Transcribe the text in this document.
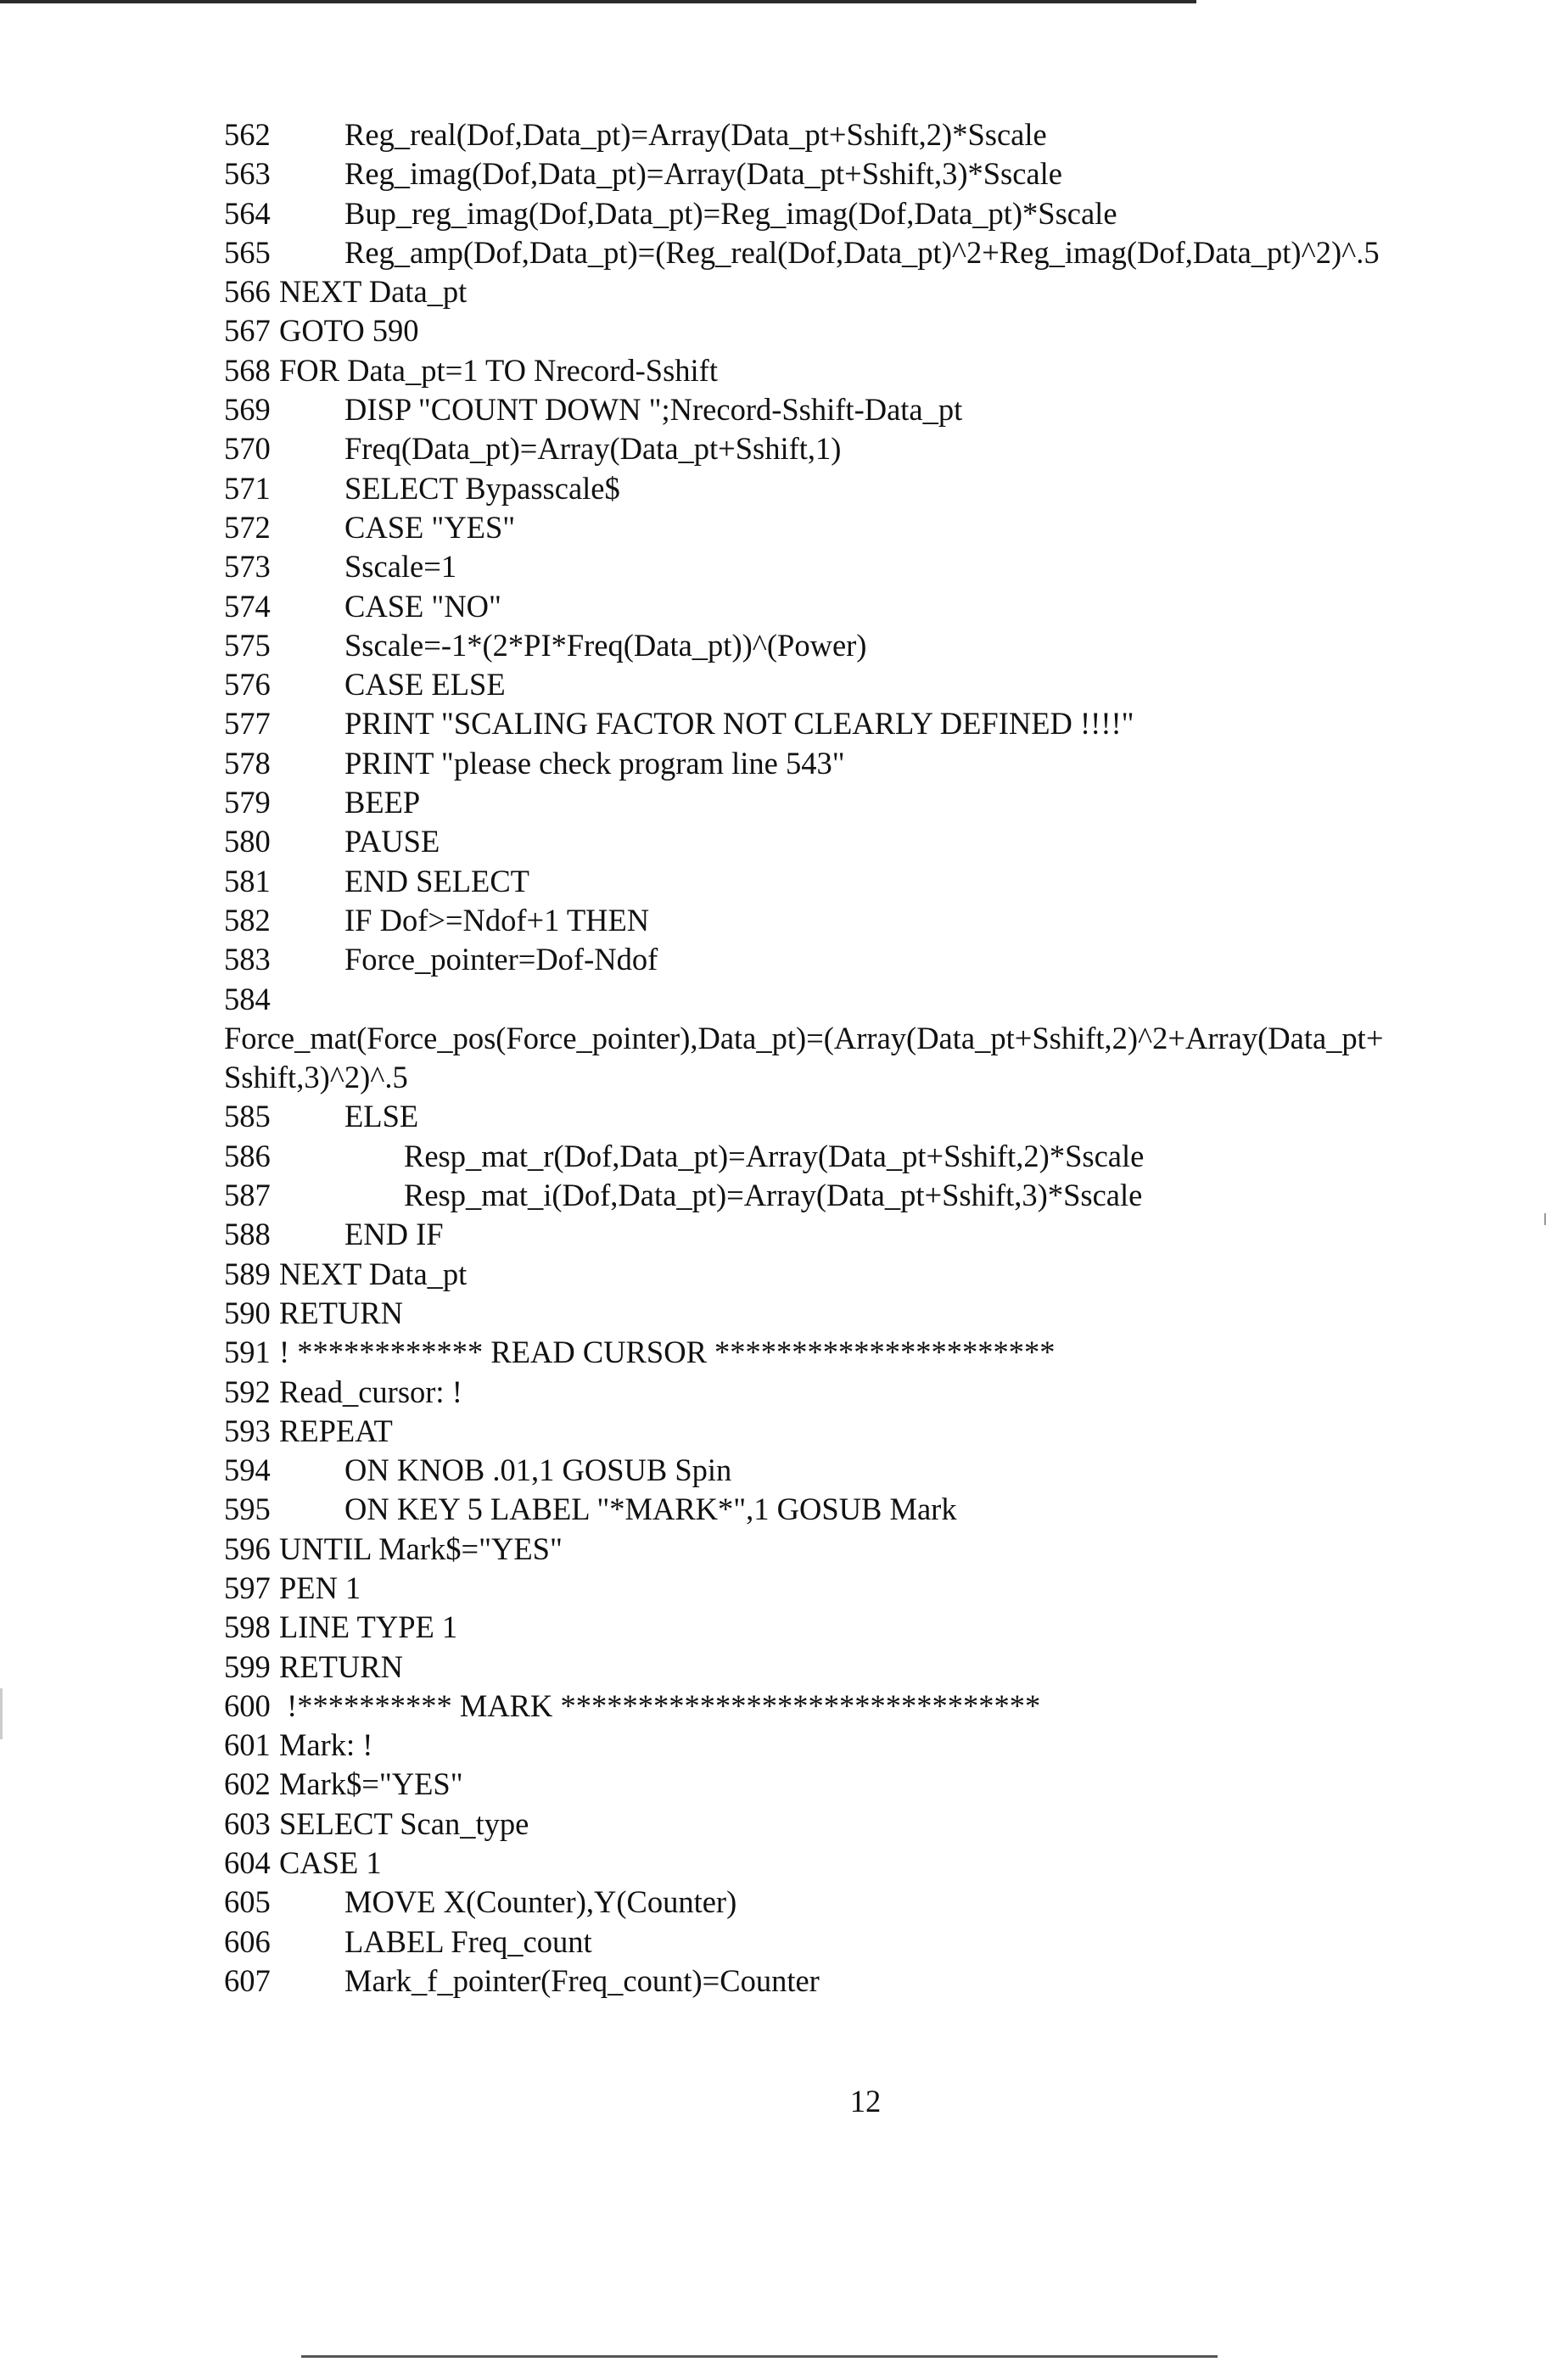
562 Reg_real(Dof,Data_pt)=Array(Data_pt+Sshift,2)*Sscale
563 Reg_imag(Dof,Data_pt)=Array(Data_pt+Sshift,3)*Sscale
564 Bup_reg_imag(Dof,Data_pt)=Reg_imag(Dof,Data_pt)*Sscale
565 Reg_amp(Dof,Data_pt)=(Reg_real(Dof,Data_pt)^2+Reg_imag(Dof,Data_pt)^2)^.5
566 NEXT Data_pt
567 GOTO 590
568 FOR Data_pt=1 TO Nrecord-Sshift
569 DISP "COUNT DOWN ";Nrecord-Sshift-Data_pt
570 Freq(Data_pt)=Array(Data_pt+Sshift,1)
571 SELECT Bypasscale$
572 CASE "YES"
573 Sscale=1
574 CASE "NO"
575 Sscale=-1*(2*PI*Freq(Data_pt))^(Power)
576 CASE ELSE
577 PRINT "SCALING FACTOR NOT CLEARLY DEFINED !!!!"
578 PRINT "please check program line 543"
579 BEEP
580 PAUSE
581 END SELECT
582 IF Dof>=Ndof+1 THEN
583 Force_pointer=Dof-Ndof
584
Force_mat(Force_pos(Force_pointer),Data_pt)=(Array(Data_pt+Sshift,2)^2+Array(Data_pt+
Sshift,3)^2)^.5
585 ELSE
586	Resp_mat_r(Dof,Data_pt)=Array(Data_pt+Sshift,2)*Sscale
587	Resp_mat_i(Dof,Data_pt)=Array(Data_pt+Sshift,3)*Sscale
588 END IF
589 NEXT Data_pt
590 RETURN
591 ! ************ READ CURSOR **********************
592 Read_cursor: !
593 REPEAT
594 ON KNOB .01,1 GOSUB Spin
595 ON KEY 5 LABEL "*MARK*",1 GOSUB Mark
596 UNTIL Mark$="YES"
597 PEN 1
598 LINE TYPE 1
599 RETURN
600 !********** MARK *******************************
601 Mark: !
602 Mark$="YES"
603 SELECT Scan_type
604 CASE 1
605 MOVE X(Counter),Y(Counter)
606 LABEL Freq_count
607 Mark_f_pointer(Freq_count)=Counter
12
